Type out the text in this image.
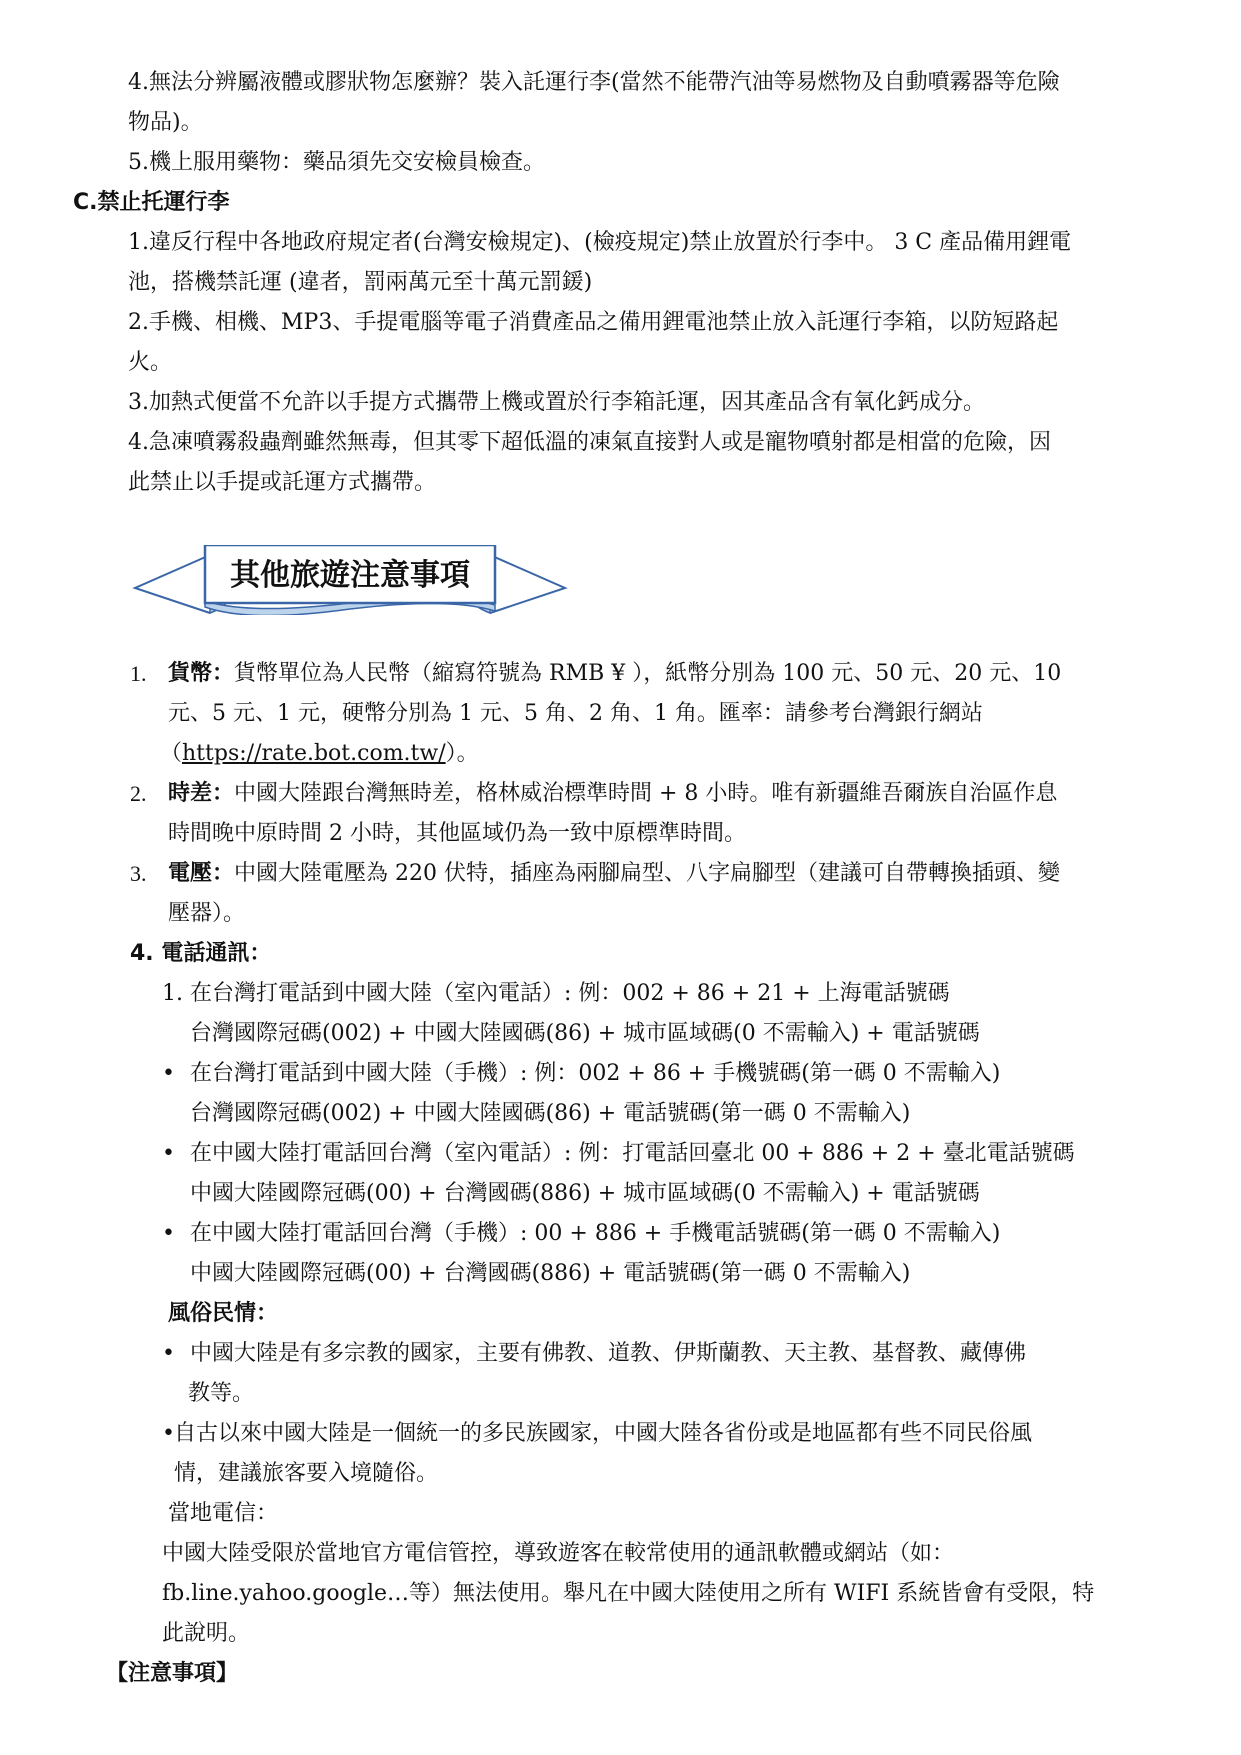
4.無法分辨屬液體或膠狀物怎麼辦？裝入託運行李(當然不能帶汽油等易燃物及自動噴霧器等危險
物品)。
5.機上服用藥物：藥品須先交安檢員檢查。
C.禁止托運行李
1.違反行程中各地政府規定者(台灣安檢規定)、(檢疫規定)禁止放置於行李中。 3 C 產品備用鋰電
池，搭機禁託運 (違者，罰兩萬元至十萬元罰鍰)
2.手機、相機、MP3、手提電腦等電子消費產品之備用鋰電池禁止放入託運行李箱，以防短路起
火。
3.加熱式便當不允許以手提方式攜帶上機或置於行李箱託運，因其產品含有氧化鈣成分。
4.急凍噴霧殺蟲劑雖然無毒，但其零下超低溫的凍氣直接對人或是寵物噴射都是相當的危險，因
此禁止以手提或託運方式攜帶。
其他旅遊注意事項
1. 貨幣：貨幣單位為人民幣（縮寫符號為 RMB ¥ ），紙幣分別為 100 元、50 元、20 元、10
元、5 元、1 元，硬幣分別為 1 元、5 角、2 角、1 角。匯率：請參考台灣銀行網站
（https://rate.bot.com.tw/）。
2. 時差：中國大陸跟台灣無時差，格林威治標準時間 + 8 小時。唯有新疆維吾爾族自治區作息
時間晚中原時間 2 小時，其他區域仍為一致中原標準時間。
3. 電壓：中國大陸電壓為 220 伏特，插座為兩腳扁型、八字扁腳型（建議可自帶轉換插頭、變
壓器）。
4. 電話通訊：
1. 在台灣打電話到中國大陸（室內電話）: 例：002 + 86 + 21 + 上海電話號碼
台灣國際冠碼(002) + 中國大陸國碼(86) + 城市區域碼(0 不需輸入) + 電話號碼
• 在台灣打電話到中國大陸（手機）: 例：002 + 86 + 手機號碼(第一碼 0 不需輸入)
台灣國際冠碼(002) + 中國大陸國碼(86) + 電話號碼(第一碼 0 不需輸入)
• 在中國大陸打電話回台灣（室內電話）: 例：打電話回臺北 00 + 886 + 2 + 臺北電話號碼
中國大陸國際冠碼(00) + 台灣國碼(886) + 城市區域碼(0 不需輸入) + 電話號碼
• 在中國大陸打電話回台灣（手機）: 00 + 886 + 手機電話號碼(第一碼 0 不需輸入)
中國大陸國際冠碼(00) + 台灣國碼(886) + 電話號碼(第一碼 0 不需輸入)
風俗民情：
• 中國大陸是有多宗教的國家，主要有佛教、道教、伊斯蘭教、天主教、基督教、藏傳佛
教等。
•自古以來中國大陸是一個統一的多民族國家，中國大陸各省份或是地區都有些不同民俗風
情，建議旅客要入境隨俗。
當地電信：
中國大陸受限於當地官方電信管控，導致遊客在較常使用的通訊軟體或網站（如：
fb.line.yahoo.google…等）無法使用。舉凡在中國大陸使用之所有 WIFI 系統皆會有受限，特
此說明。
【注意事項】
